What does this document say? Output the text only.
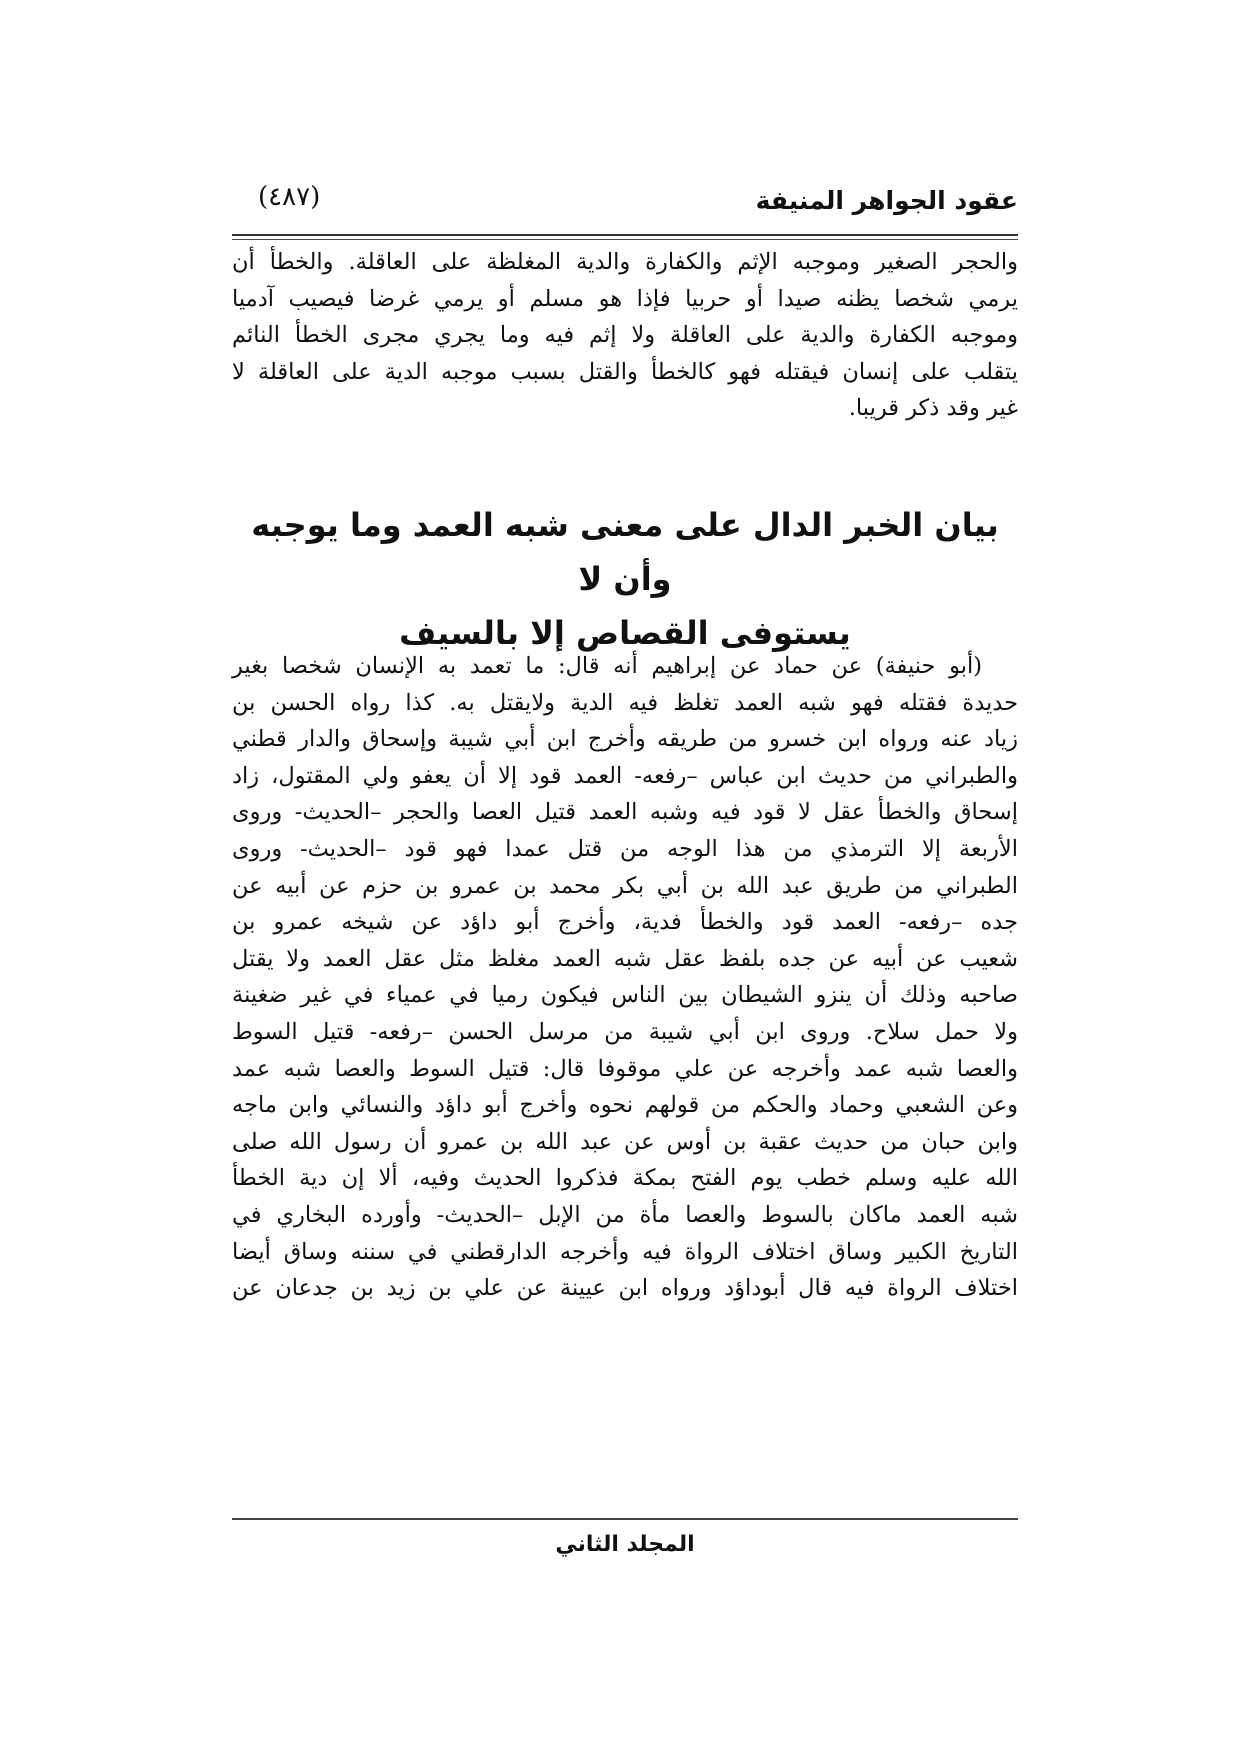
عقود الجواهر المنيفة
(٤٨٧)
والحجر الصغير وموجبه الإثم والكفارة والدية المغلظة على العاقلة. والخطأ أن
يرمي شخصا يظنه صيدا أو حربيا فإذا هو مسلم أو يرمي غرضا فيصيب آدميا
وموجبه الكفارة والدية على العاقلة ولا إثم فيه وما يجري مجرى الخطأ النائم
يتقلب على إنسان فيقتله فهو كالخطأ والقتل بسبب موجبه الدية على العاقلة لا
غير وقد ذكر قريبا.
بيان الخبر الدال على معنى شبه العمد وما يوجبه وأن لا
يستوفى القصاص إلا بالسيف
(أبو حنيفة) عن حماد عن إبراهيم أنه قال: ما تعمد به الإنسان شخصا بغير
حديدة فقتله فهو شبه العمد تغلظ فيه الدية ولايقتل به. كذا رواه الحسن بن
زياد عنه ورواه ابن خسرو من طريقه وأخرج ابن أبي شيبة وإسحاق والدار قطني
والطبراني من حديث ابن عباس –رفعه- العمد قود إلا أن يعفو ولي المقتول، زاد
إسحاق والخطأ عقل لا قود فيه وشبه العمد قتيل العصا والحجر –الحديث- وروى
الأربعة إلا الترمذي من هذا الوجه من قتل عمدا فهو قود –الحديث- وروى
الطبراني من طريق عبد الله بن أبي بكر محمد بن عمرو بن حزم عن أبيه عن
جده –رفعه- العمد قود والخطأ فدية، وأخرج أبو داؤد عن شيخه عمرو بن
شعيب عن أبيه عن جده بلفظ عقل شبه العمد مغلظ مثل عقل العمد ولا يقتل
صاحبه وذلك أن ينزو الشيطان بين الناس فيكون رميا في عمياء في غير ضغينة
ولا حمل سلاح. وروى ابن أبي شيبة من مرسل الحسن –رفعه- قتيل السوط
والعصا شبه عمد وأخرجه عن علي موقوفا قال: قتيل السوط والعصا شبه عمد
وعن الشعبي وحماد والحكم من قولهم نحوه وأخرج أبو داؤد والنسائي وابن ماجه
وابن حبان من حديث عقبة بن أوس عن عبد الله بن عمرو أن رسول الله صلى
الله عليه وسلم خطب يوم الفتح بمكة فذكروا الحديث وفيه، ألا إن دية الخطأ
شبه العمد ماكان بالسوط والعصا مأة من الإبل –الحديث- وأورده البخاري في
التاريخ الكبير وساق اختلاف الرواة فيه وأخرجه الدارقطني في سننه وساق أيضا
اختلاف الرواة فيه قال أبوداؤد ورواه ابن عيينة عن علي بن زيد بن جدعان عن
المجلد الثاني
